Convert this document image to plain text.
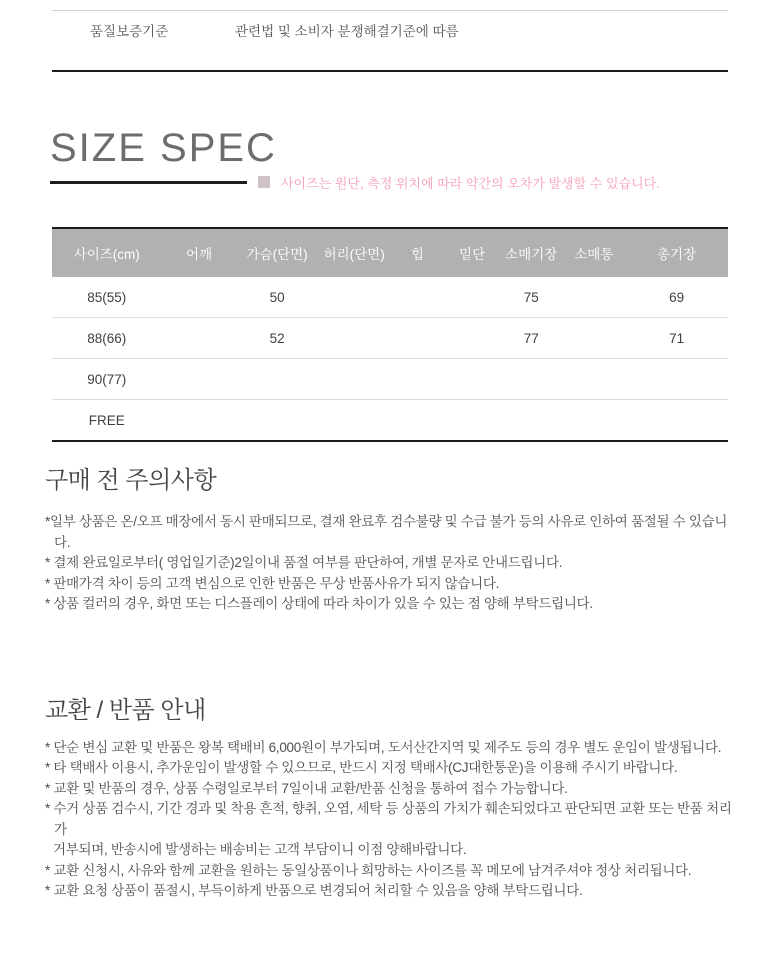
품질보증기준	관련법 및 소비자 분쟁해결기준에 따름
SIZE SPEC
사이즈는 원단, 측정 위치에 따라 약간의 오차가 발생할 수 있습니다.
사이즈(cm)	어깨	가슴(단면)	허리(단면)	힙	밑단	소매기장	소매통	총기장
85(55)		50				75		69
88(66)		52				77		71
90(77)								
FREE								
구매 전 주의사항
*일부 상품은 온/오프 매장에서 동시 판매되므로, 결재 완료후 검수불량 및 수급 불가 등의 사유로 인하여 품절될 수 있습니다.
* 결제 완료일로부터( 영업일기준)2일이내 품절 여부를 판단하여, 개별 문자로 안내드립니다.
* 판매가격 차이 등의 고객 변심으로 인한 반품은 무상 반품사유가 되지 않습니다.
* 상품 컬러의 경우, 화면 또는 디스플레이 상태에 따라 차이가 있을 수 있는 점 양해 부탁드립니다.
교환 / 반품 안내
* 단순 변심 교환 및 반품은 왕복 택배비 6,000원이 부가되며, 도서산간지역 및 제주도 등의 경우 별도 운임이 발생됩니다.
* 타 택배사 이용시, 추가운임이 발생할 수 있으므로, 반드시 지정 택배사(CJ대한통운)을 이용해 주시기 바랍니다.
* 교환 및 반품의 경우, 상품 수령일로부터 7일이내 교환/반품 신청을 통하여 접수 가능합니다.
* 수거 상품 검수시, 기간 경과 및 착용 흔적, 향취, 오염, 세탁 등 상품의 가치가 훼손되었다고 판단되면 교환 또는 반품 처리가
거부되며, 반송시에 발생하는 배송비는 고객 부담이니 이점 양해바랍니다.
* 교환 신청시, 사유와 함께 교환을 원하는 동일상품이나 희망하는 사이즈를 꼭 메모에 남겨주셔야 정상 처리됩니다.
* 교환 요청 상품이 품절시, 부득이하게 반품으로 변경되어 처리할 수 있음을 양해 부탁드립니다.
